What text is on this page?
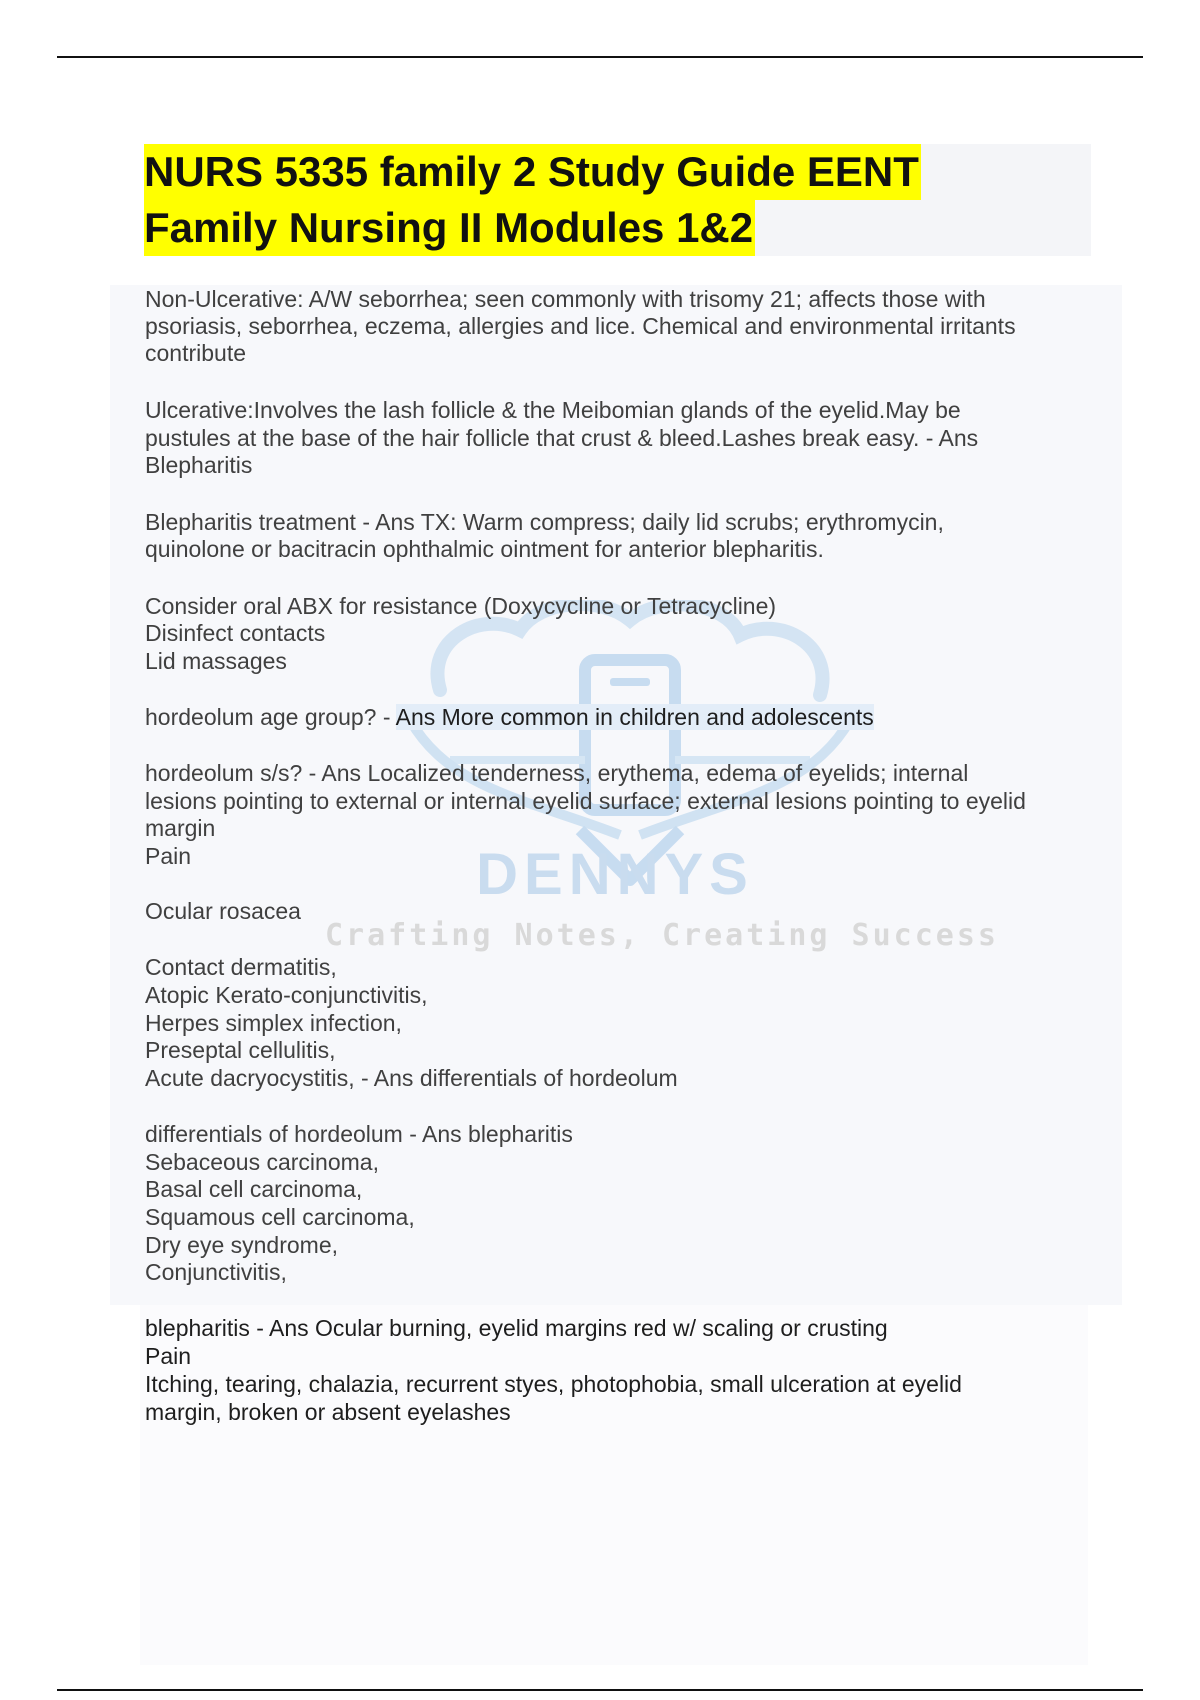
DENNYS
Crafting Notes, Creating Success
NURS 5335 family 2 Study Guide EENT
Family Nursing II Modules 1&2
Non-Ulcerative: A/W seborrhea; seen commonly with trisomy 21; affects those with
psoriasis, seborrhea, eczema, allergies and lice. Chemical and environmental irritants
contribute
Ulcerative:Involves the lash follicle & the Meibomian glands of the eyelid.May be
pustules at the base of the hair follicle that crust & bleed.Lashes break easy. - Ans
Blepharitis
Blepharitis treatment - Ans TX: Warm compress; daily lid scrubs; erythromycin,
quinolone or bacitracin ophthalmic ointment for anterior blepharitis.
Consider oral ABX for resistance (Doxycycline or Tetracycline)
Disinfect contacts
Lid massages
hordeolum age group? - Ans More common in children and adolescents
hordeolum s/s? - Ans Localized tenderness, erythema, edema of eyelids; internal
lesions pointing to external or internal eyelid surface; external lesions pointing to eyelid
margin
Pain
Ocular rosacea
Contact dermatitis,
Atopic Kerato-conjunctivitis,
Herpes simplex infection,
Preseptal cellulitis,
Acute dacryocystitis, - Ans differentials of hordeolum
differentials of hordeolum - Ans blepharitis
Sebaceous carcinoma,
Basal cell carcinoma,
Squamous cell carcinoma,
Dry eye syndrome,
Conjunctivitis,
blepharitis - Ans Ocular burning, eyelid margins red w/ scaling or crusting
Pain
Itching, tearing, chalazia, recurrent styes, photophobia, small ulceration at eyelid
margin, broken or absent eyelashes
